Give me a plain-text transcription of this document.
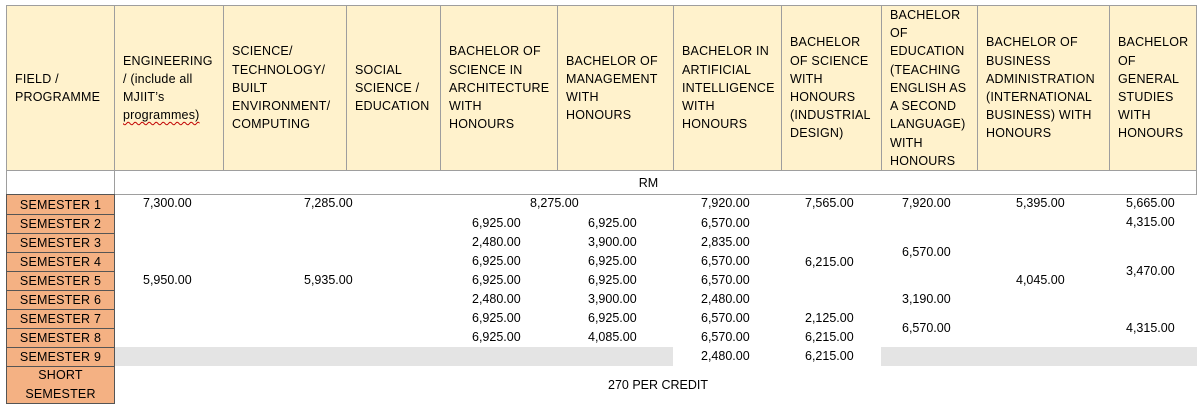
FIELD / PROGRAMME
ENGINEERING / (include all MJIIT’s
programmes)
SCIENCE/ TECHNOLOGY/ BUILT ENVIRONMENT/ COMPUTING
SOCIAL SCIENCE / EDUCATION
BACHELOR OF SCIENCE IN ARCHITECTURE WITH HONOURS
BACHELOR OF MANAGEMENT WITH HONOURS
BACHELOR IN ARTIFICIAL INTELLIGENCE WITH HONOURS
BACHELOR OF SCIENCE WITH HONOURS (INDUSTRIAL DESIGN)
BACHELOR OF EDUCATION (TEACHING ENGLISH AS A SECOND LANGUAGE) WITH HONOURS
BACHELOR OF BUSINESS ADMINISTRATION (INTERNATIONAL BUSINESS) WITH HONOURS
BACHELOR OF GENERAL STUDIES WITH HONOURS
RM
SEMESTER 1
SEMESTER 2
SEMESTER 3
SEMESTER 4
SEMESTER 5
SEMESTER 6
SEMESTER 7
SEMESTER 8
SEMESTER 9
SHORT SEMESTER
7,300.00
5,950.00
7,285.00
5,935.00
8,275.00
6,925.00
2,480.00
6,925.00
6,925.00
2,480.00
6,925.00
6,925.00
6,925.00
3,900.00
6,925.00
6,925.00
3,900.00
6,925.00
4,085.00
7,920.00
6,570.00
2,835.00
6,570.00
6,570.00
2,480.00
6,570.00
6,570.00
2,480.00
7,565.00
6,215.00
2,125.00
6,215.00
6,215.00
7,920.00
6,570.00
3,190.00
6,570.00
5,395.00
4,045.00
5,665.00
4,315.00
3,470.00
4,315.00
270 PER CREDIT
